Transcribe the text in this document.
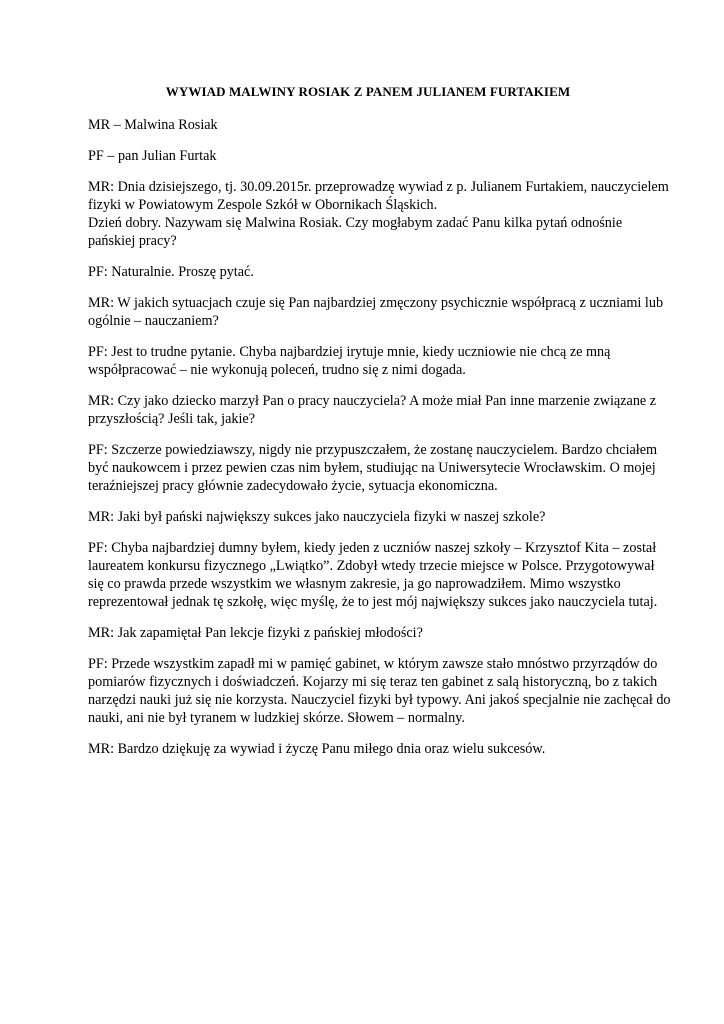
WYWIAD MALWINY ROSIAK Z PANEM JULIANEM FURTAKIEM

MR – Malwina Rosiak

PF – pan Julian Furtak

MR: Dnia dzisiejszego, tj. 30.09.2015r. przeprowadzę wywiad z p. Julianem Furtakiem, nauczycielem
fizyki w Powiatowym Zespole Szkół w Obornikach Śląskich.
Dzień dobry. Nazywam się Malwina Rosiak. Czy mogłabym zadać Panu kilka pytań odnośnie
pańskiej pracy?

PF: Naturalnie. Proszę pytać.

MR: W jakich sytuacjach czuje się Pan najbardziej zmęczony psychicznie współpracą z uczniami lub
ogólnie – nauczaniem?

PF: Jest to trudne pytanie. Chyba najbardziej irytuje mnie, kiedy uczniowie nie chcą ze mną
współpracować – nie wykonują poleceń, trudno się z nimi dogada.

MR: Czy jako dziecko marzył Pan o pracy nauczyciela? A może miał Pan inne marzenie związane z
przyszłością? Jeśli tak, jakie?

PF: Szczerze powiedziawszy, nigdy nie przypuszczałem, że zostanę nauczycielem. Bardzo chciałem
być naukowcem i przez pewien czas nim byłem, studiując na Uniwersytecie Wrocławskim. O mojej
teraźniejszej pracy głównie zadecydowało życie, sytuacja ekonomiczna.

MR: Jaki był pański największy sukces jako nauczyciela fizyki w naszej szkole?

PF: Chyba najbardziej dumny byłem, kiedy jeden z uczniów naszej szkoły – Krzysztof Kita – został
laureatem konkursu fizycznego „Lwiątko”. Zdobył wtedy trzecie miejsce w Polsce. Przygotowywał
się co prawda przede wszystkim we własnym zakresie, ja go naprowadziłem. Mimo wszystko
reprezentował jednak tę szkołę, więc myślę, że to jest mój największy sukces jako nauczyciela tutaj.

MR: Jak zapamiętał Pan lekcje fizyki z pańskiej młodości?

PF: Przede wszystkim zapadł mi w pamięć gabinet, w którym zawsze stało mnóstwo przyrządów do
pomiarów fizycznych i doświadczeń. Kojarzy mi się teraz ten gabinet z salą historyczną, bo z takich
narzędzi nauki już się nie korzysta. Nauczyciel fizyki był typowy. Ani jakoś specjalnie nie zachęcał do
nauki, ani nie był tyranem w ludzkiej skórze. Słowem – normalny.

MR: Bardzo dziękuję za wywiad i życzę Panu miłego dnia oraz wielu sukcesów.
